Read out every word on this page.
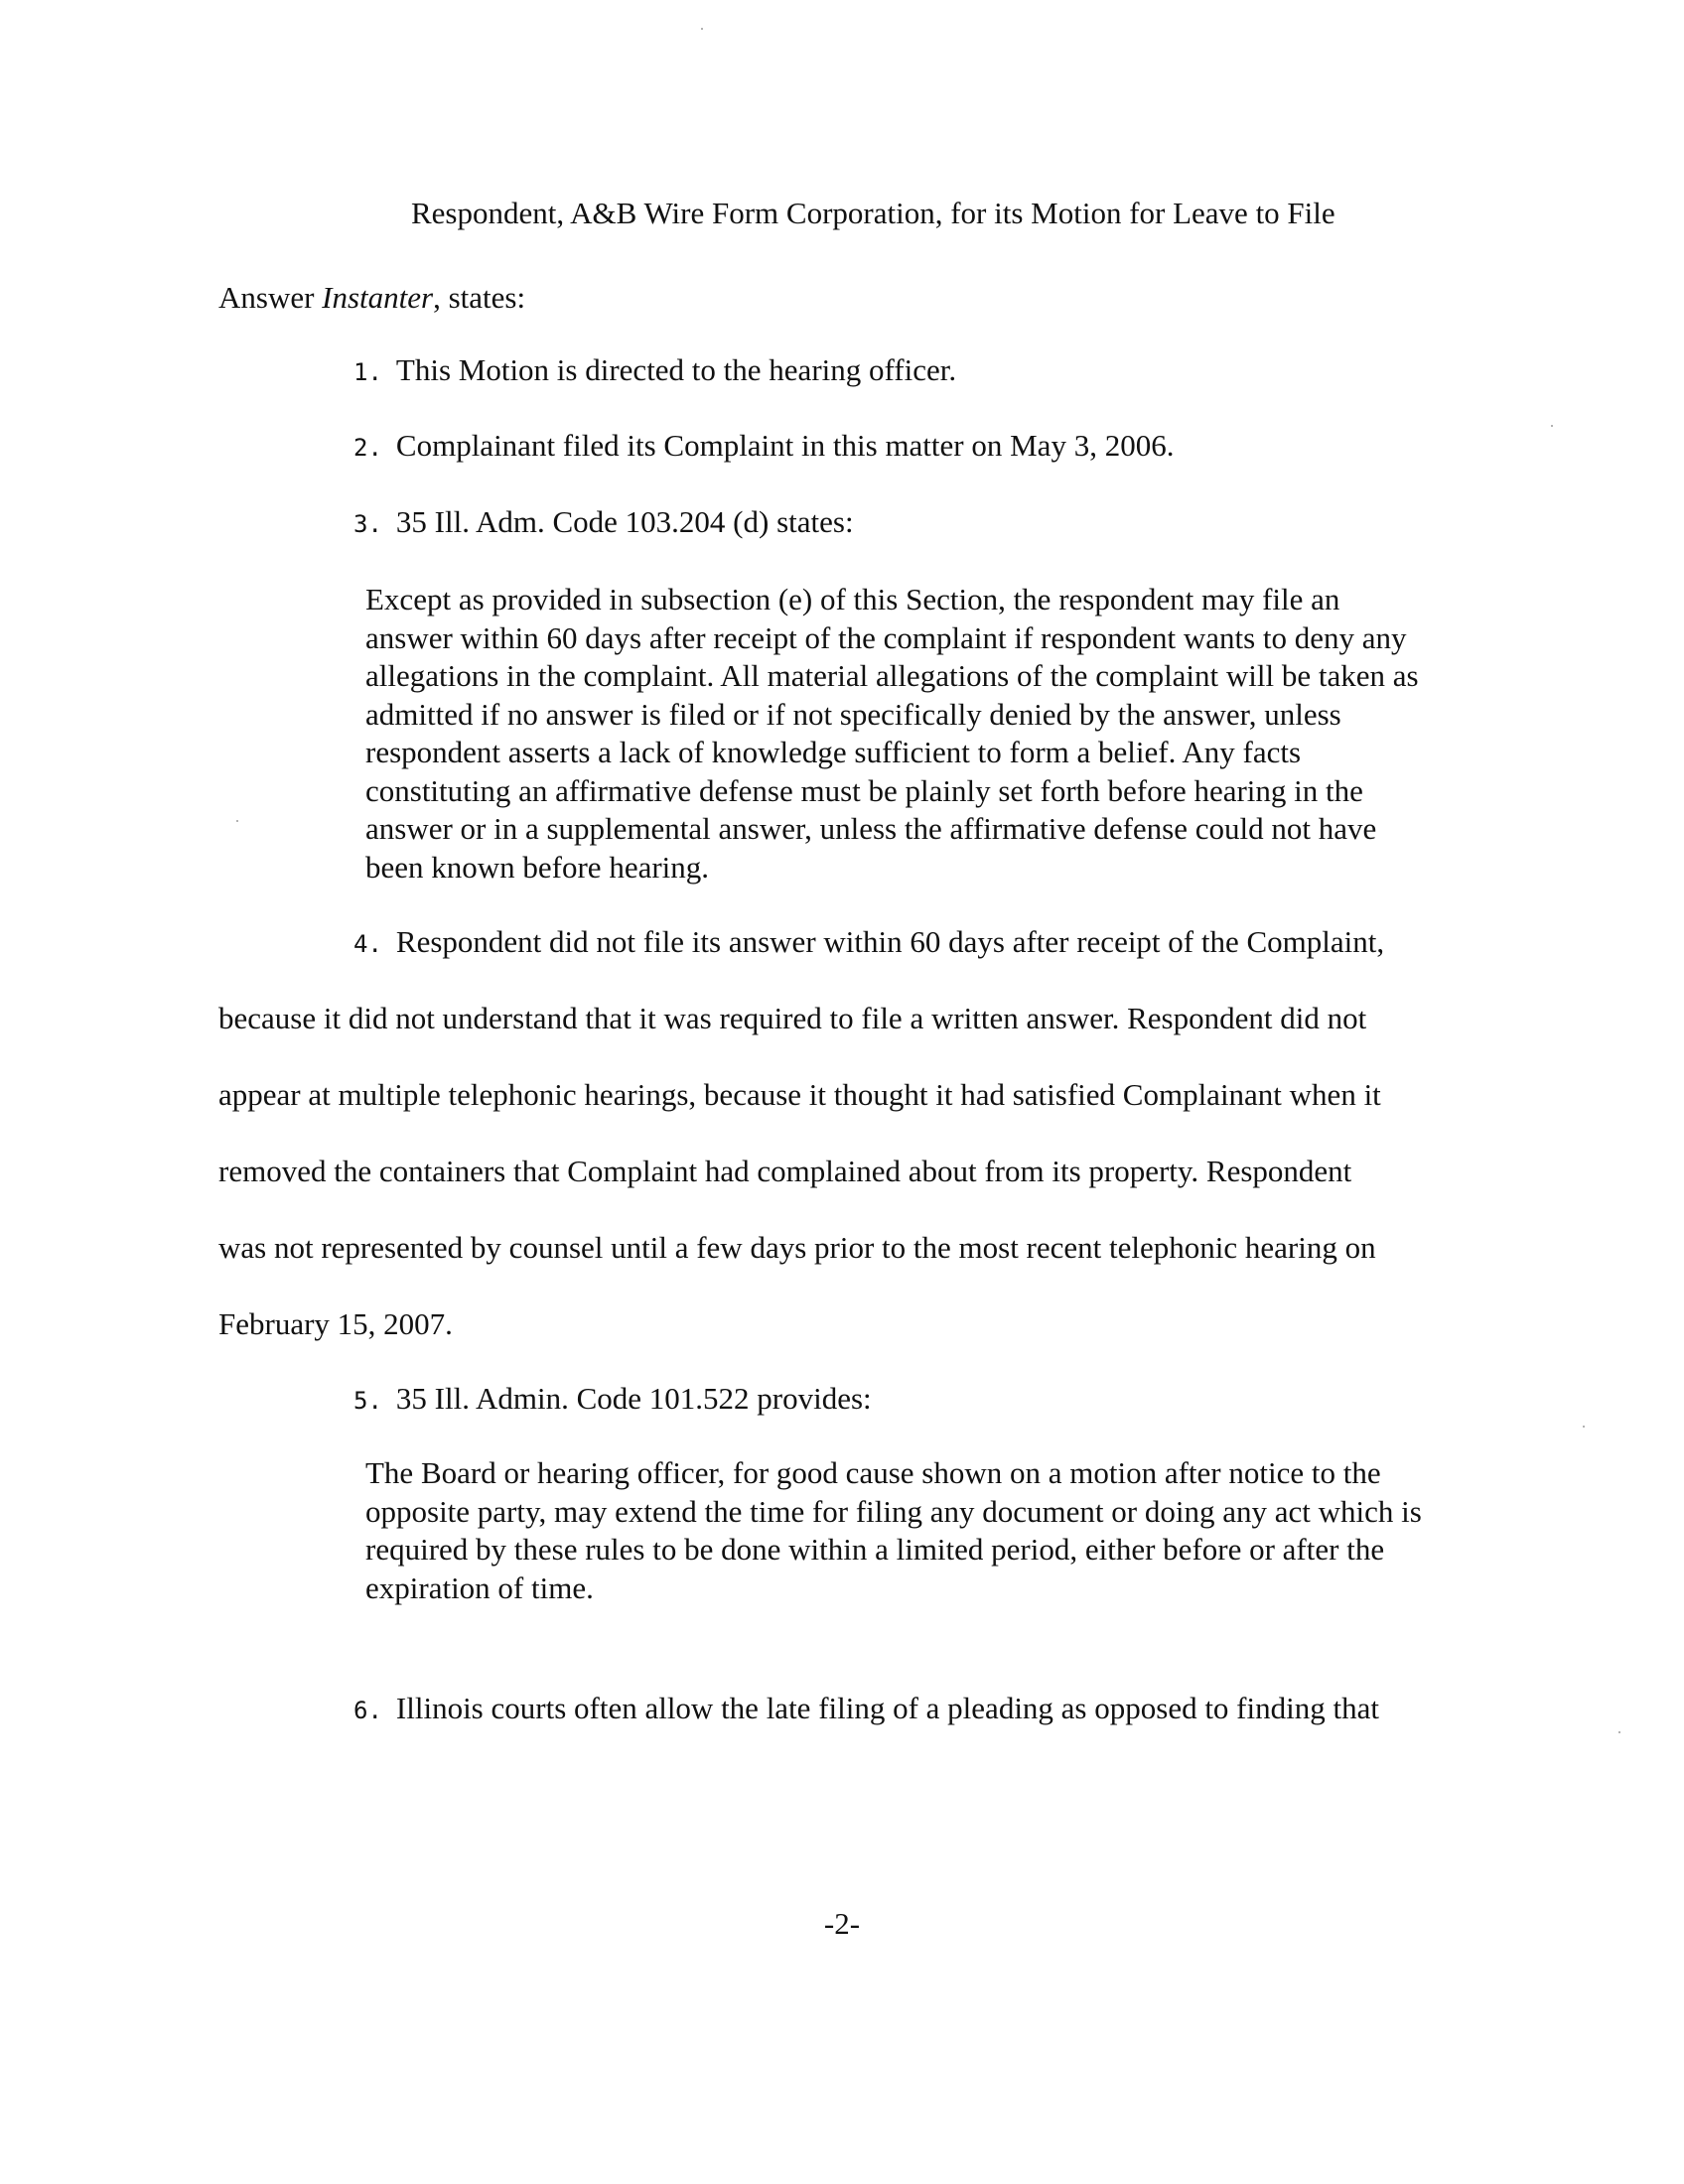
Respondent, A&B Wire Form Corporation, for its Motion for Leave to File
Answer Instanter, states:
1. This Motion is directed to the hearing officer.
2. Complainant filed its Complaint in this matter on May 3, 2006.
3. 35 Ill. Adm. Code 103.204 (d) states:
Except as provided in subsection (e) of this Section, the respondent may file an
answer within 60 days after receipt of the complaint if respondent wants to deny any
allegations in the complaint. All material allegations of the complaint will be taken as
admitted if no answer is filed or if not specifically denied by the answer, unless
respondent asserts a lack of knowledge sufficient to form a belief. Any facts
constituting an affirmative defense must be plainly set forth before hearing in the
answer or in a supplemental answer, unless the affirmative defense could not have
been known before hearing.
4. Respondent did not file its answer within 60 days after receipt of the Complaint,
because it did not understand that it was required to file a written answer. Respondent did not
appear at multiple telephonic hearings, because it thought it had satisfied Complainant when it
removed the containers that Complaint had complained about from its property. Respondent
was not represented by counsel until a few days prior to the most recent telephonic hearing on
February 15, 2007.
5. 35 Ill. Admin. Code 101.522 provides:
The Board or hearing officer, for good cause shown on a motion after notice to the
opposite party, may extend the time for filing any document or doing any act which is
required by these rules to be done within a limited period, either before or after the
expiration of time.
6. Illinois courts often allow the late filing of a pleading as opposed to finding that
-2-
